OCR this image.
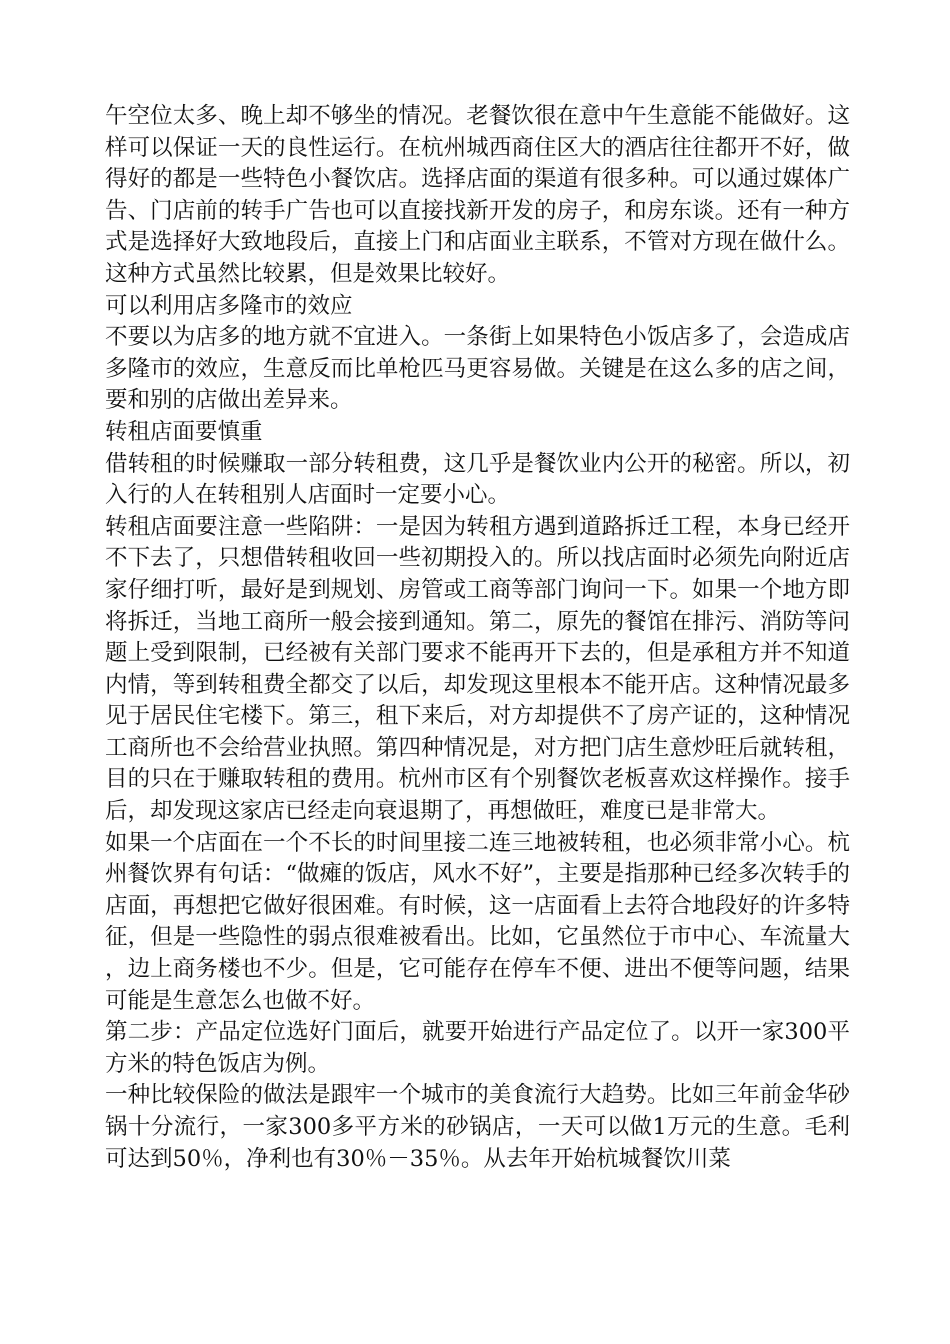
午空位太多、晚上却不够坐的情况。老餐饮很在意中午生意能不能做好。这样可以保证一天的良性运行。在杭州城西商住区大的酒店往往都开不好，做得好的都是一些特色小餐饮店。选择店面的渠道有很多种。可以通过媒体广告、门店前的转手广告也可以直接找新开发的房子，和房东谈。还有一种方式是选择好大致地段后，直接上门和店面业主联系，不管对方现在做什么。这种方式虽然比较累，但是效果比较好。

可以利用店多隆市的效应

不要以为店多的地方就不宜进入。一条街上如果特色小饭店多了，会造成店多隆市的效应，生意反而比单枪匹马更容易做。关键是在这么多的店之间，要和别的店做出差异来。

转租店面要慎重

借转租的时候赚取一部分转租费，这几乎是餐饮业内公开的秘密。所以，初入行的人在转租别人店面时一定要小心。

转租店面要注意一些陷阱：一是因为转租方遇到道路拆迁工程，本身已经开不下去了，只想借转租收回一些初期投入的。所以找店面时必须先向附近店家仔细打听，最好是到规划、房管或工商等部门询问一下。如果一个地方即将拆迁，当地工商所一般会接到通知。第二，原先的餐馆在排污、消防等问题上受到限制，已经被有关部门要求不能再开下去的，但是承租方并不知道内情，等到转租费全都交了以后，却发现这里根本不能开店。这种情况最多见于居民住宅楼下。第三，租下来后，对方却提供不了房产证的，这种情况工商所也不会给营业执照。第四种情况是，对方把门店生意炒旺后就转租，目的只在于赚取转租的费用。杭州市区有个别餐饮老板喜欢这样操作。接手后，却发现这家店已经走向衰退期了，再想做旺，难度已是非常大。

如果一个店面在一个不长的时间里接二连三地被转租，也必须非常小心。杭州餐饮界有句话：“做瘫的饭店，风水不好”，主要是指那种已经多次转手的店面，再想把它做好很困难。有时候，这一店面看上去符合地段好的许多特征，但是一些隐性的弱点很难被看出。比如，它虽然位于市中心、车流量大，边上商务楼也不少。但是，它可能存在停车不便、进出不便等问题，结果可能是生意怎么也做不好。

第二步：产品定位选好门面后，就要开始进行产品定位了。以开一家300平方米的特色饭店为例。

一种比较保险的做法是跟牢一个城市的美食流行大趋势。比如三年前金华砂锅十分流行，一家300多平方米的砂锅店，一天可以做1万元的生意。毛利可达到50％，净利也有30％－35％。从去年开始杭城餐饮川菜
